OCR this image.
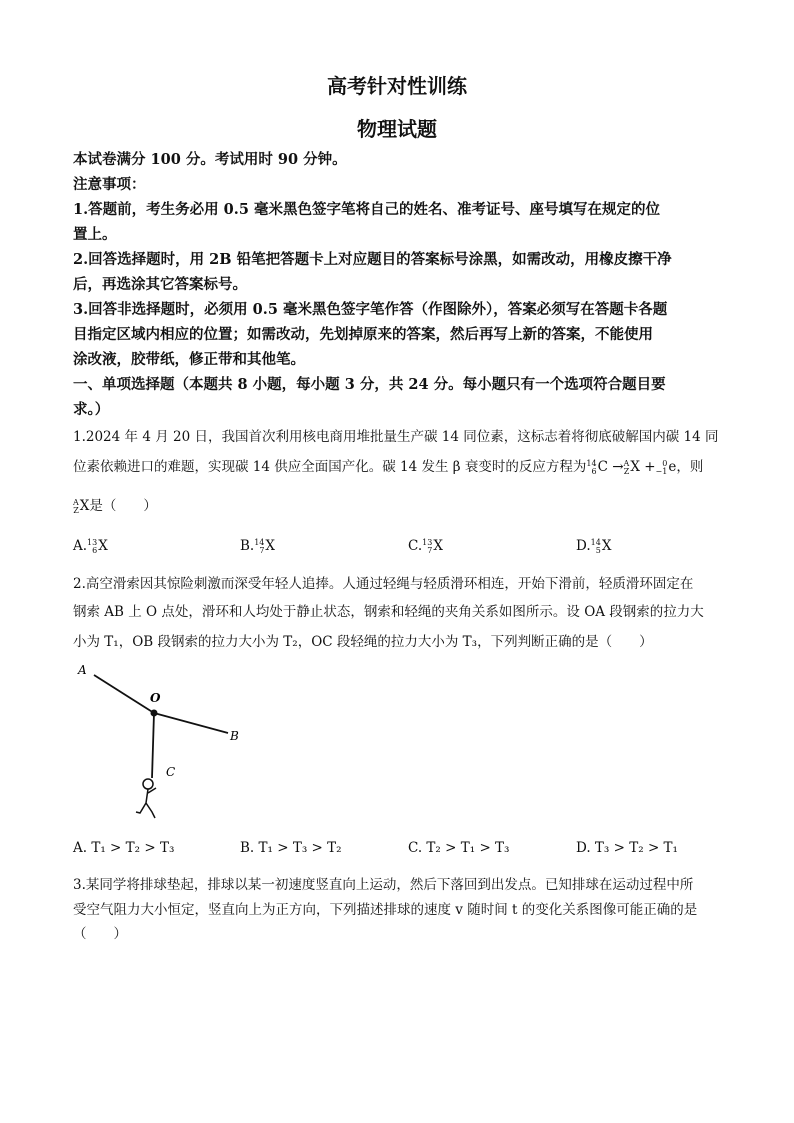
高考针对性训练
物理试题
本试卷满分 100 分。考试用时 90 分钟。
注意事项：
1.答题前，考生务必用 0.5 毫米黑色签字笔将自己的姓名、准考证号、座号填写在规定的位
置上。
2.回答选择题时，用 2B 铅笔把答题卡上对应题目的答案标号涂黑，如需改动，用橡皮擦干净
后，再选涂其它答案标号。
3.回答非选择题时，必须用 0.5 毫米黑色签字笔作答（作图除外），答案必须写在答题卡各题
目指定区域内相应的位置；如需改动，先划掉原来的答案，然后再写上新的答案，不能使用
涂改液，胶带纸，修正带和其他笔。
一、单项选择题（本题共 8 小题，每小题 3 分，共 24 分。每小题只有一个选项符合题目要
求。）
1.2024 年 4 月 20 日，我国首次利用核电商用堆批量生产碳 14 同位素，这标志着将彻底破解国内碳 14 同
位素依赖进口的难题，实现碳 14 供应全面国产化。碳 14 发生 β 衰变时的反应方程为 14
6 C → A
Z X + 0
−1 e，则
A
Z X是（　　）
A. 13
6 X	B. 14
7 X	C. 13
7 X	D. 14
5 X
2.高空滑索因其惊险刺激而深受年轻人追捧。人通过轻绳与轻质滑环相连，开始下滑前，轻质滑环固定在
钢索 AB 上 O 点处，滑环和人均处于静止状态，钢索和轻绳的夹角关系如图所示。设 OA 段钢索的拉力大
小为 T₁，OB 段钢索的拉力大小为 T₂，OC 段轻绳的拉力大小为 T₃，下列判断正确的是（　　）
A
O
B
C
A. T₁ > T₂ > T₃	B. T₁ > T₃ > T₂	C. T₂ > T₁ > T₃	D. T₃ > T₂ > T₁
3.某同学将排球垫起，排球以某一初速度竖直向上运动，然后下落回到出发点。已知排球在运动过程中所
受空气阻力大小恒定，竖直向上为正方向，下列描述排球的速度 v 随时间 t 的变化关系图像可能正确的是
（　　）
